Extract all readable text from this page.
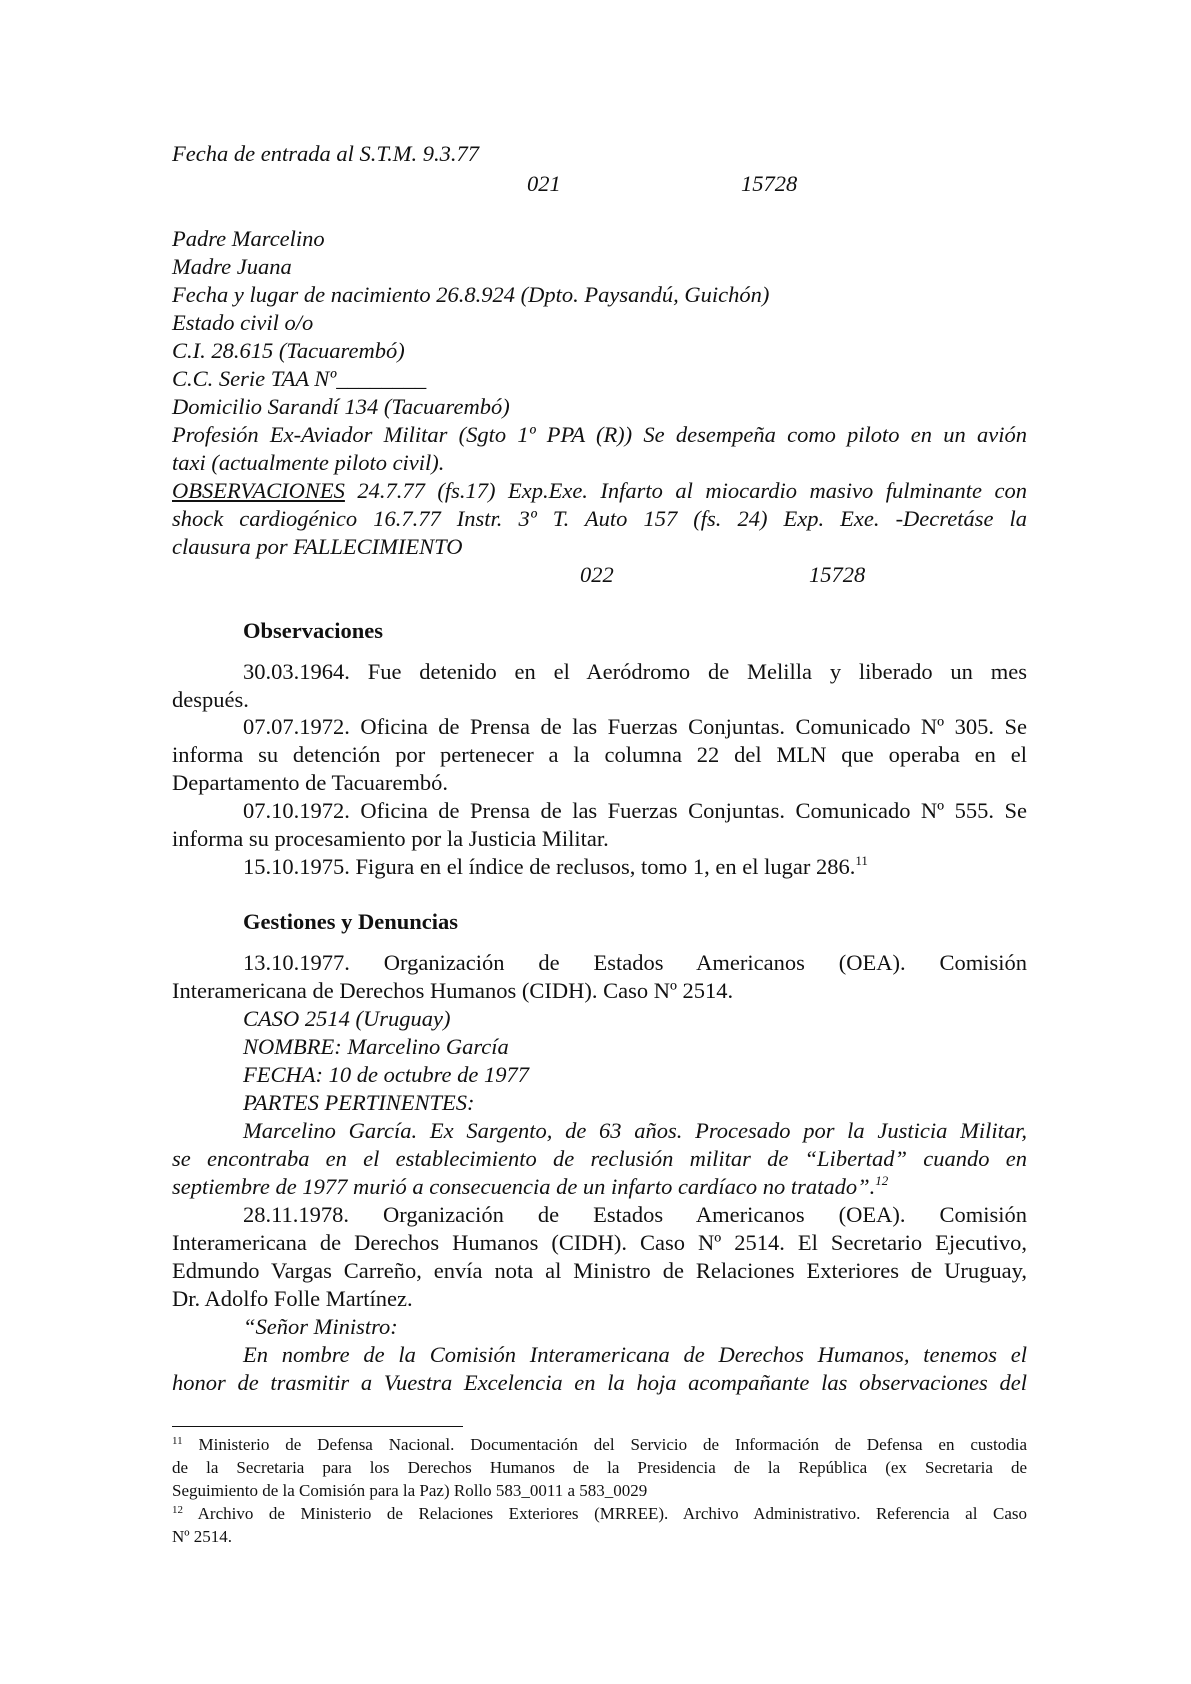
Fecha de entrada al S.T.M. 9.3.77
021	15728
Padre Marcelino
Madre Juana
Fecha y lugar de nacimiento 26.8.924 (Dpto. Paysandú, Guichón)
Estado civil o/o
C.I. 28.615 (Tacuarembó)
C.C. Serie TAA Nº________
Domicilio Sarandí 134 (Tacuarembó)
Profesión Ex-Aviador Militar (Sgto 1º PPA (R)) Se desempeña como piloto en un avión
taxi (actualmente piloto civil).
OBSERVACIONES 24.7.77 (fs.17) Exp.Exe. Infarto al miocardio masivo fulminante con
shock cardiogénico 16.7.77 Instr. 3º T. Auto 157 (fs. 24) Exp. Exe. -Decretáse la
clausura por FALLECIMIENTO
022	15728
Observaciones
30.03.1964. Fue detenido en el Aeródromo de Melilla y liberado un mes
después.
07.07.1972. Oficina de Prensa de las Fuerzas Conjuntas. Comunicado Nº 305. Se
informa su detención por pertenecer a la columna 22 del MLN que operaba en el
Departamento de Tacuarembó.
07.10.1972. Oficina de Prensa de las Fuerzas Conjuntas. Comunicado Nº 555. Se
informa su procesamiento por la Justicia Militar.
15.10.1975. Figura en el índice de reclusos, tomo 1, en el lugar 286.11
Gestiones y Denuncias
13.10.1977. Organización de Estados Americanos (OEA). Comisión
Interamericana de Derechos Humanos (CIDH). Caso Nº 2514.
CASO 2514 (Uruguay)
NOMBRE: Marcelino García
FECHA: 10 de octubre de 1977
PARTES PERTINENTES:
Marcelino García. Ex Sargento, de 63 años. Procesado por la Justicia Militar,
se encontraba en el establecimiento de reclusión militar de “Libertad” cuando en
septiembre de 1977 murió a consecuencia de un infarto cardíaco no tratado”.$^{12}$
28.11.1978. Organización de Estados Americanos (OEA). Comisión
Interamericana de Derechos Humanos (CIDH). Caso Nº 2514. El Secretario Ejecutivo,
Edmundo Vargas Carreño, envía nota al Ministro de Relaciones Exteriores de Uruguay,
Dr. Adolfo Folle Martínez.
“Señor Ministro:
En nombre de la Comisión Interamericana de Derechos Humanos, tenemos el
honor de trasmitir a Vuestra Excelencia en la hoja acompañante las observaciones del
$^{11}$ Ministerio de Defensa Nacional. Documentación del Servicio de Información de Defensa en custodia
de la Secretaria para los Derechos Humanos de la Presidencia de la República (ex Secretaria de
Seguimiento de la Comisión para la Paz) Rollo 583_0011 a 583_0029
$^{12}$ Archivo de Ministerio de Relaciones Exteriores (MRREE). Archivo Administrativo. Referencia al Caso
Nº 2514.
